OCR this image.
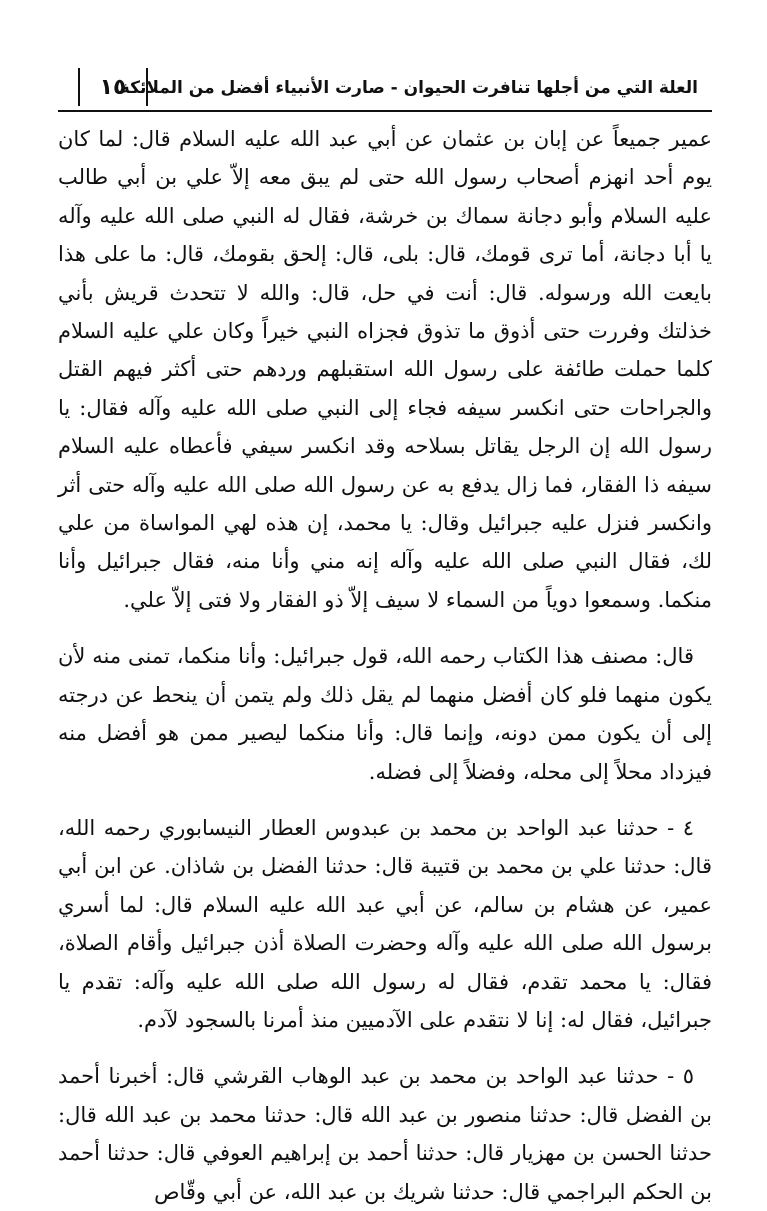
العلة التي من أجلها تنافرت الحيوان - صارت الأنبياء أفضل من الملائكة
١٥

عمير جميعاً عن إبان بن عثمان عن أبي عبد الله عليه السلام قال: لما كان يوم أحد انهزم أصحاب رسول الله حتى لم يبق معه إلاّ علي بن أبي طالب عليه السلام وأبو دجانة سماك بن خرشة، فقال له النبي صلى الله عليه وآله يا أبا دجانة، أما ترى قومك، قال: بلى، قال: إلحق بقومك، قال: ما على هذا بايعت الله ورسوله. قال: أنت في حل، قال: والله لا تتحدث قريش بأني خذلتك وفررت حتى أذوق ما تذوق فجزاه النبي خيراً وكان علي عليه السلام كلما حملت طائفة على رسول الله استقبلهم وردهم حتى أكثر فيهم القتل والجراحات حتى انكسر سيفه فجاء إلى النبي صلى الله عليه وآله فقال: يا رسول الله إن الرجل يقاتل بسلاحه وقد انكسر سيفي فأعطاه عليه السلام سيفه ذا الفقار، فما زال يدفع به عن رسول الله صلى الله عليه وآله حتى أثر وانكسر فنزل عليه جبرائيل وقال: يا محمد، إن هذه لهي المواساة من علي لك، فقال النبي صلى الله عليه وآله إنه مني وأنا منه، فقال جبرائيل وأنا منكما. وسمعوا دوياً من السماء لا سيف إلاّ ذو الفقار ولا فتى إلاّ علي.

قال: مصنف هذا الكتاب رحمه الله، قول جبرائيل: وأنا منكما، تمنى منه لأن يكون منهما فلو كان أفضل منهما لم يقل ذلك ولم يتمن أن ينحط عن درجته إلى أن يكون ممن دونه، وإنما قال: وأنا منكما ليصير ممن هو أفضل منه فيزداد محلاً إلى محله، وفضلاً إلى فضله.

٤ - حدثنا عبد الواحد بن محمد بن عبدوس العطار النيسابوري رحمه الله، قال: حدثنا علي بن محمد بن قتيبة قال: حدثنا الفضل بن شاذان. عن ابن أبي عمير، عن هشام بن سالم، عن أبي عبد الله عليه السلام قال: لما أسري برسول الله صلى الله عليه وآله وحضرت الصلاة أذن جبرائيل وأقام الصلاة، فقال: يا محمد تقدم، فقال له رسول الله صلى الله عليه وآله: تقدم يا جبرائيل، فقال له: إنا لا نتقدم على الآدميين منذ أمرنا بالسجود لآدم.

٥ - حدثنا عبد الواحد بن محمد بن عبد الوهاب القرشي قال: أخبرنا أحمد بن الفضل قال: حدثنا منصور بن عبد الله قال: حدثنا محمد بن عبد الله قال: حدثنا الحسن بن مهزيار قال: حدثنا أحمد بن إبراهيم العوفي قال: حدثنا أحمد بن الحكم البراجمي قال: حدثنا شريك بن عبد الله، عن أبي وقّاص
